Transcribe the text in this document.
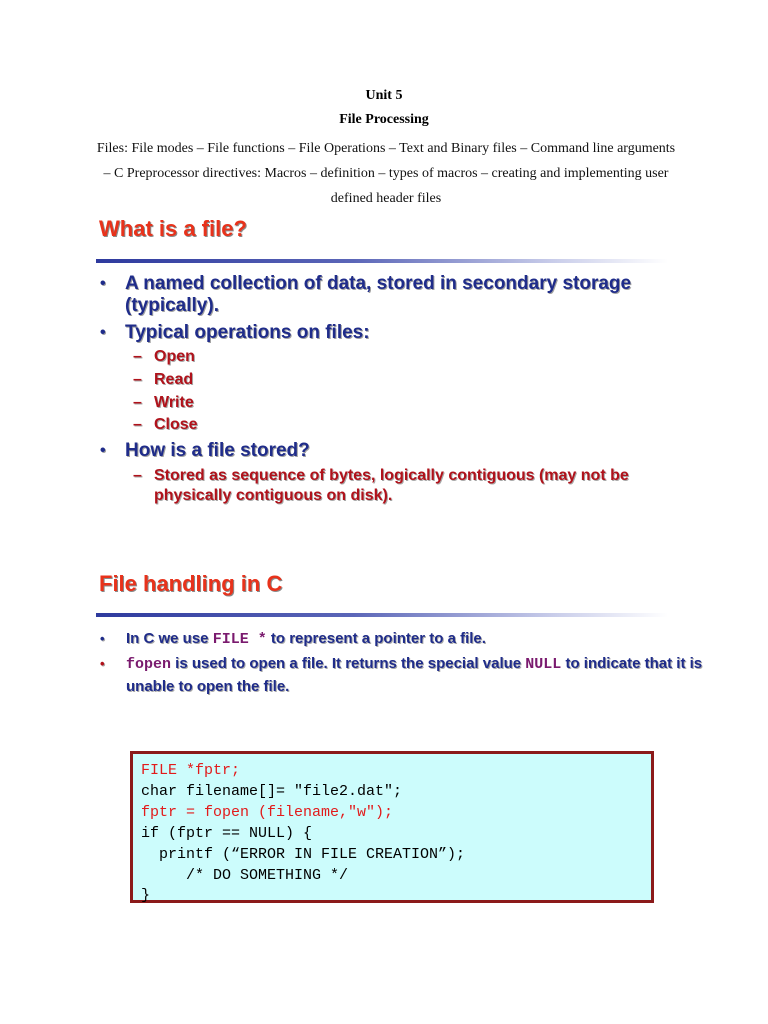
Unit 5
File Processing
Files: File modes – File functions – File Operations – Text and Binary files – Command line arguments – C Preprocessor directives: Macros – definition – types of macros – creating and implementing user defined header files
What is a file?
• A named collection of data, stored in secondary storage (typically).
• Typical operations on files:
– Open
– Read
– Write
– Close
• How is a file stored?
– Stored as sequence of bytes, logically contiguous (may not be physically contiguous on disk).
File handling in C
• In C we use FILE * to represent a pointer to a file.
• fopen is used to open a file. It returns the special value NULL to indicate that it is unable to open the file.
FILE *fptr;
char filename[]= "file2.dat";
fptr = fopen (filename,"w");
if (fptr == NULL) {
printf (“ERROR IN FILE CREATION”);
/* DO SOMETHING */
}
